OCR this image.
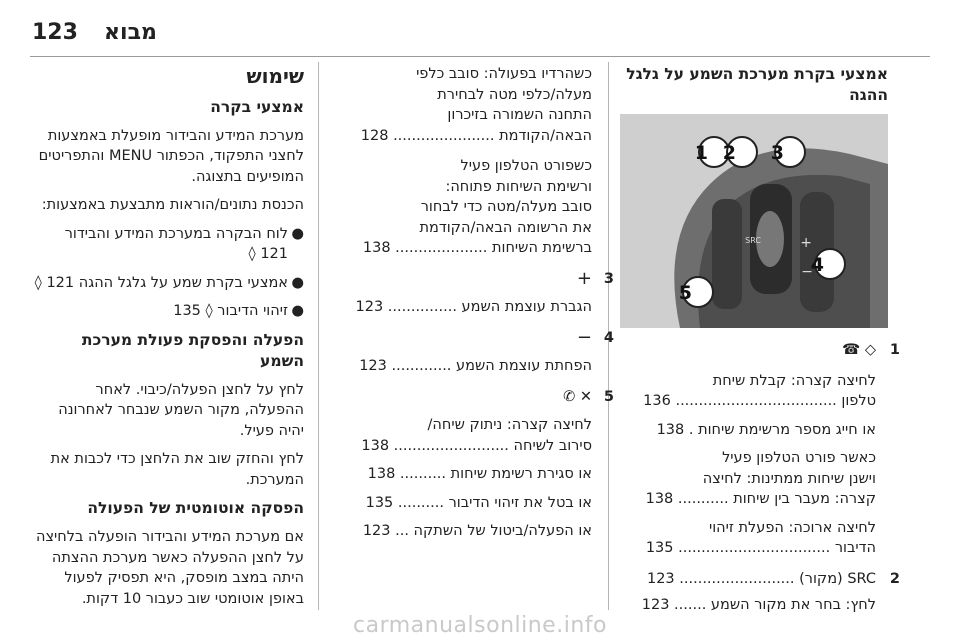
123 מבוא
אמצעי בקרת מערכת השמע על גלגל ההגה
SRC	+
−
1 2 3
4
5
1
◇ ☎
לחיצה קצרה: קבלת שיחת
טלפון ................................... 136
או חייג מספר מרשימת שיחות . 138
כאשר פורט הטלפון פעיל
וישנן שיחות ממתינות: לחיצה
קצרה: מעבר בין שיחות ........... 138
לחיצה ארוכה: הפעלת זיהוי
הדיבור ................................. 135
2
SRC (מקור) ......................... 123
לחץ: בחר את מקור השמע ....... 123
כשהרדיו בפעולה: סובב כלפי
מעלה/כלפי מטה לבחירת
התחנה השמורה בזיכרון
הבאה/הקודמת ...................... 128
כשפורט הטלפון פעיל
ורשימת השיחות פתוחה:
סובב מעלה/מטה כדי לבחור
את הרשומה הבאה/הקודמת
ברשימת השיחות .................... 138
3
+
הגברת עוצמת השמע ............... 123
4
−
הפחתת עוצמת השמע ............. 123
5
✕ ✆
לחיצה קצרה: ניתוק שיחה/
סירוב לשיחה ......................... 138
או סגירת רשימת שיחות .......... 138
או בטל את זיהוי הדיבור .......... 135
או הפעלה/ביטול של השתקה ... 123
שימוש
אמצעי בקרה

מערכת המידע והבידור מופעלת באמצעות לחצני התפקוד, הכפתור MENU והתפריטים המופיעים בתצוגה.

הכנסת נתונים/הוראות מתבצעת באמצעות:

●
לוח הבקרה במערכת המידע והבידור 121 ◊
●
אמצעי בקרת שמע על גלגל ההגה 121 ◊
●
זיהוי הדיבור ◊ 135
הפעלה והפסקת פעולת מערכת השמע

לחץ על לחצן הפעלה/כיבוי. לאחר ההפעלה, מקור השמע שנבחר לאחרונה יהיה פעיל.

לחץ והחזק שוב את הלחצן כדי לכבות את המערכת.

הפסקה אוטומטית של הפעולה

אם מערכת המידע והבידור הופעלה בלחיצה על לחצן ההפעלה כאשר מערכת ההצתה היתה במצב מופסק, היא תפסיק לפעול באופן אוטומטי שוב כעבור 10 דקות.

carmanualsonline.info
